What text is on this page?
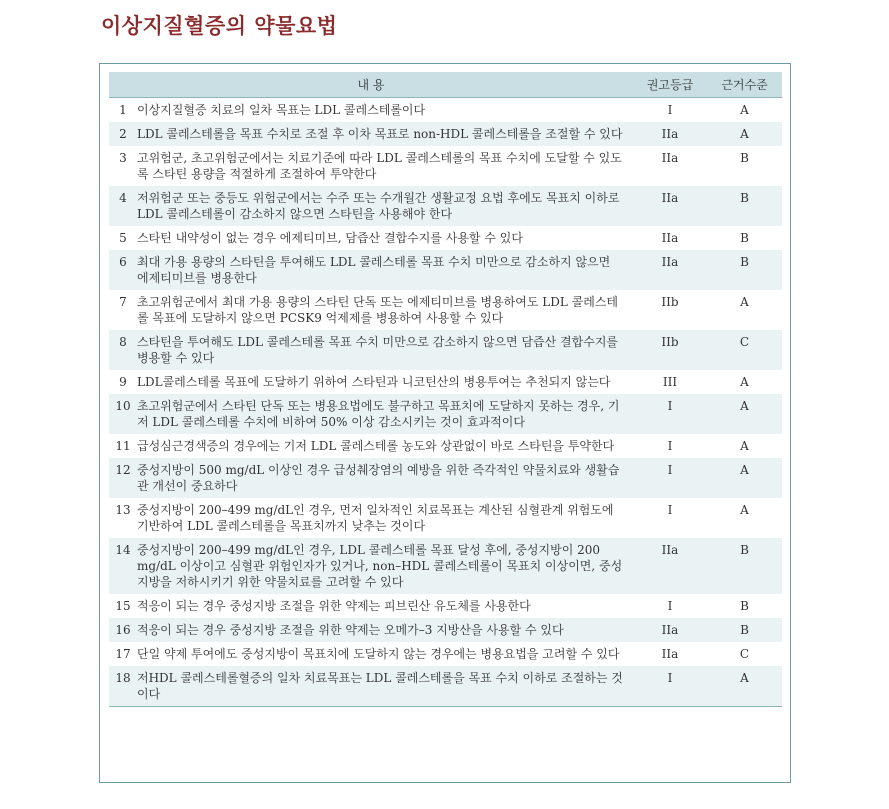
이상지질혈증의 약물요법
내 용		권고등급	근거수준
1	이상지질혈증 치료의 일차 목표는 LDL 콜레스테롤이다	I	A
2	LDL 콜레스테롤을 목표 수치로 조절 후 이차 목표로 non-HDL 콜레스테롤을 조절할 수 있다	IIa	A
3	고위험군, 초고위험군에서는 치료기준에 따라 LDL 콜레스테롤의 목표 수치에 도달할 수 있도록 스타틴 용량을 적절하게 조절하여 투약한다	IIa	B
4	저위험군 또는 중등도 위험군에서는 수주 또는 수개월간 생활교정 요법 후에도 목표치 이하로 LDL 콜레스테롤이 감소하지 않으면 스타틴을 사용해야 한다	IIa	B
5	스타틴 내약성이 없는 경우 에제티미브, 담즙산 결합수지를 사용할 수 있다	IIa	B
6	최대 가용 용량의 스타틴을 투여해도 LDL 콜레스테롤 목표 수치 미만으로 감소하지 않으면 에제티미브를 병용한다	IIa	B
7	초고위험군에서 최대 가용 용량의 스타틴 단독 또는 에제티미브를 병용하여도 LDL 콜레스테롤 목표에 도달하지 않으면 PCSK9 억제제를 병용하여 사용할 수 있다	IIb	A
8	스타틴을 투여해도 LDL 콜레스테롤 목표 수치 미만으로 감소하지 않으면 담즙산 결합수지를 병용할 수 있다	IIb	C
9	LDL콜레스테롤 목표에 도달하기 위하여 스타틴과 니코틴산의 병용투여는 추천되지 않는다	III	A
10	초고위험군에서 스타틴 단독 또는 병용요법에도 불구하고 목표치에 도달하지 못하는 경우, 기저 LDL 콜레스테롤 수치에 비하여 50% 이상 감소시키는 것이 효과적이다	I	A
11	급성심근경색증의 경우에는 기저 LDL 콜레스테롤 농도와 상관없이 바로 스타틴을 투약한다	I	A
12	중성지방이 500 mg/dL 이상인 경우 급성췌장염의 예방을 위한 즉각적인 약물치료와 생활습관 개선이 중요하다	I	A
13	중성지방이 200–499 mg/dL인 경우, 먼저 일차적인 치료목표는 계산된 심혈관계 위험도에 기반하여 LDL 콜레스테롤을 목표치까지 낮추는 것이다	I	A
14	중성지방이 200–499 mg/dL인 경우, LDL 콜레스테롤 목표 달성 후에, 중성지방이 200 mg/dL 이상이고 심혈관 위험인자가 있거나, non–HDL 콜레스테롤이 목표치 이상이면, 중성지방을 저하시키기 위한 약물치료를 고려할 수 있다	IIa	B
15	적응이 되는 경우 중성지방 조절을 위한 약제는 피브린산 유도체를 사용한다	I	B
16	적응이 되는 경우 중성지방 조절을 위한 약제는 오메가–3 지방산을 사용할 수 있다	IIa	B
17	단일 약제 투여에도 중성지방이 목표치에 도달하지 않는 경우에는 병용요법을 고려할 수 있다	IIa	C
18	저HDL 콜레스테롤혈증의 일차 치료목표는 LDL 콜레스테롤을 목표 수치 이하로 조절하는 것이다	I	A
